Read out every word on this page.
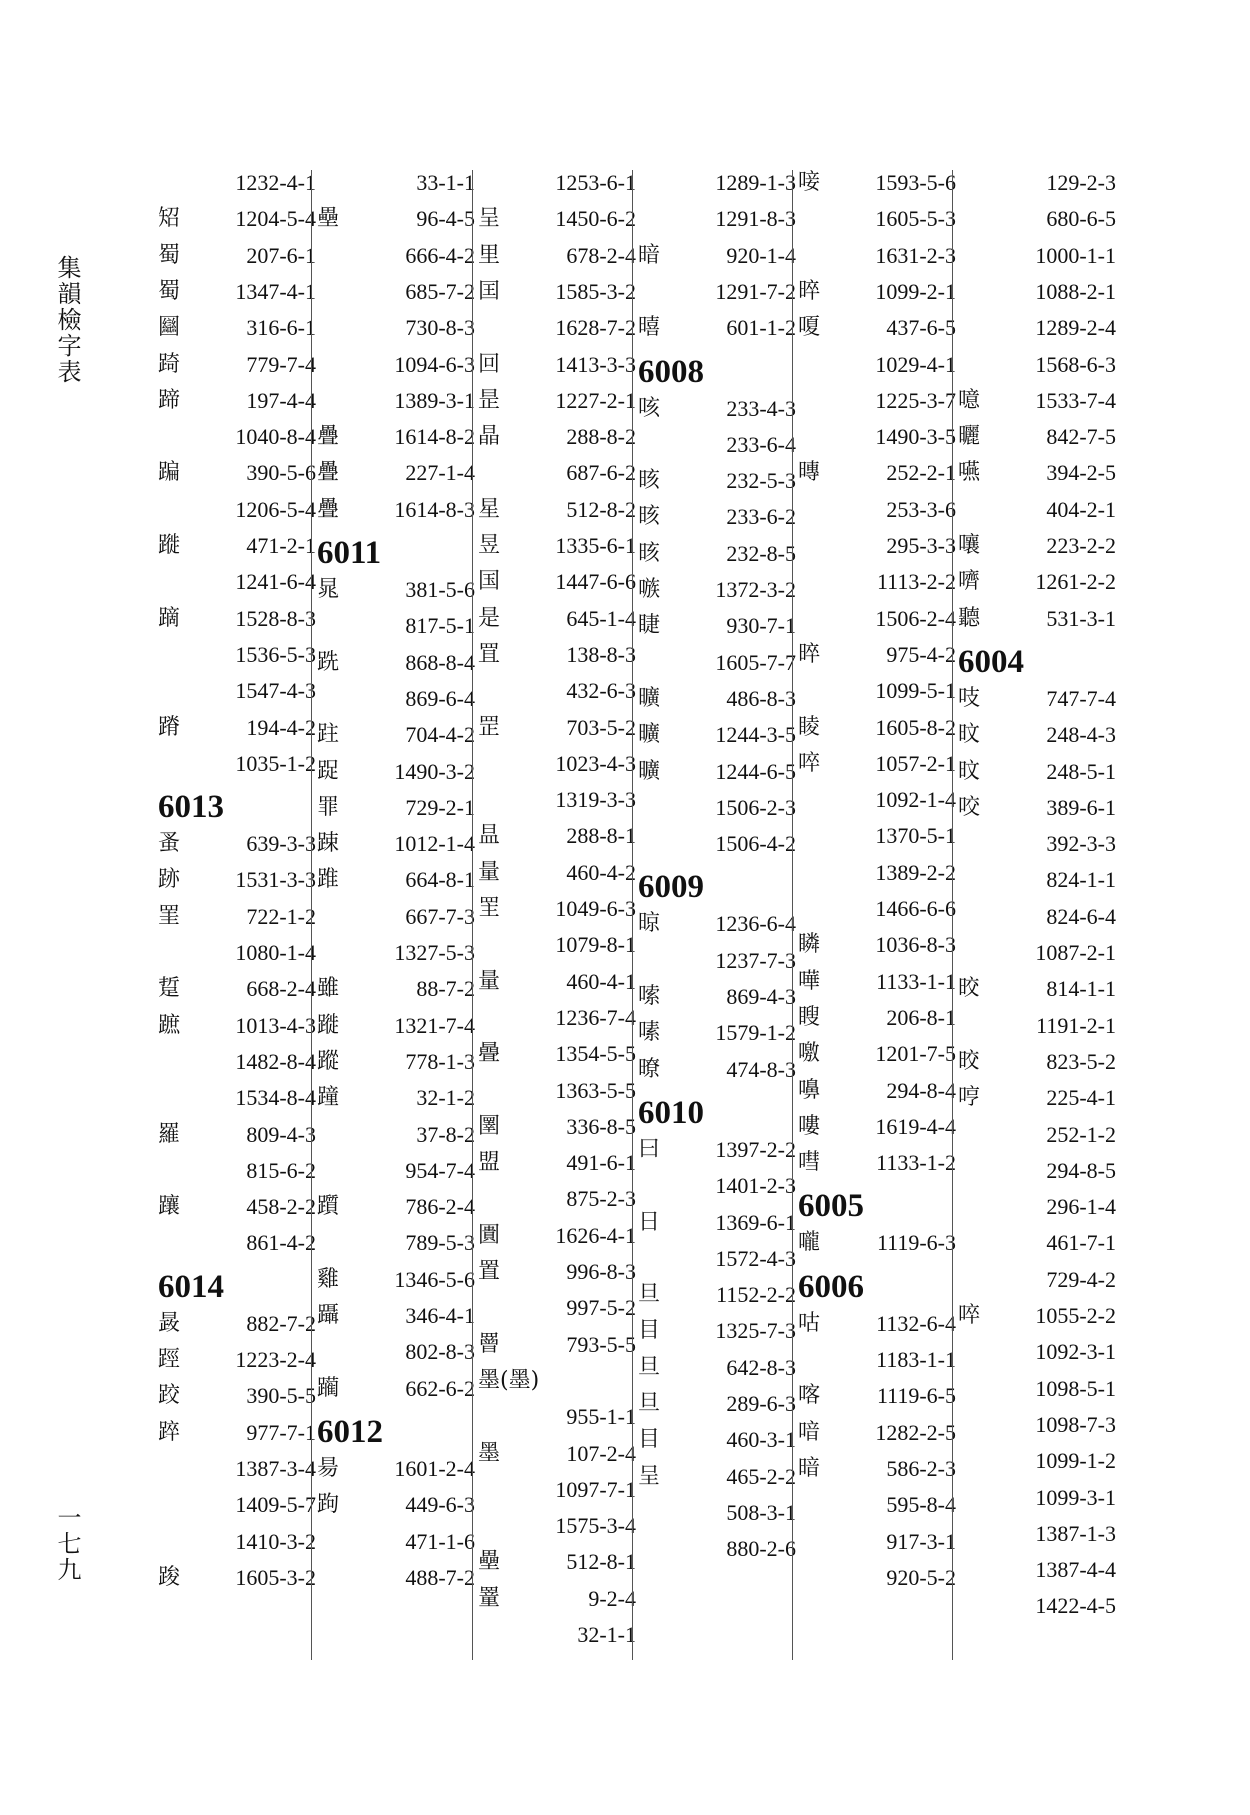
集韻檢字表
一七九
1232-4-1
䂏	1204-5-4
蜀	207-6-1
蜀	1347-4-1
圝	316-6-1
踦	779-7-4
蹄	197-4-4
1040-8-4
蹁	390-5-6
1206-5-4
蹝	471-2-1
1241-6-4
蹢	1528-8-3
1536-5-3
1547-4-3
蹐	194-4-2
1035-1-2
6013
蚤	639-3-3
跡	1531-3-3
罣	722-1-2
1080-1-4
踅	668-2-4
蹠	1013-4-3
1482-8-4
1534-8-4
羅	809-4-3
815-6-2
躟	458-2-2
861-4-2
6014
晸	882-7-2
踁	1223-2-4
跤	390-5-5
踤	977-7-1
1387-3-4
1409-5-7
1410-3-2
踆	1605-3-2
33-1-1
壘	96-4-5
666-4-2
685-7-2
730-8-3
1094-6-3
1389-3-1
疊	1614-8-2
疊	227-1-4
疊	1614-8-3
6011
晁	381-5-6
817-5-1
跣	868-8-4
869-6-4
跓	704-4-2
踀	1490-3-2
罪	729-2-1
踈	1012-1-4
踓	664-8-1
667-7-3
1327-5-3
雖	88-7-2
蹝	1321-7-4
蹤	778-1-3
蹱	32-1-2
37-8-2
954-7-4
躓	786-2-4
789-5-3
雞	1346-5-6
躡	346-4-1
802-8-3
躏	662-6-2
6012
昜	1601-2-4
跔	449-6-3
471-1-6
488-7-2
1253-6-1
呈	1450-6-2
里	678-2-4
囯	1585-3-2
1628-7-2
回	1413-3-3
昰	1227-2-1
晶	288-8-2
687-6-2
星	512-8-2
昱	1335-6-1
国	1447-6-6
是	645-1-4
罝	138-8-3
432-6-3
罡	703-5-2
1023-4-3
1319-3-3
昷	288-8-1
量	460-4-2
罜	1049-6-3
1079-8-1
量	460-4-1
1236-7-4
曡	1354-5-5
1363-5-5
圛	336-8-5
盟	491-6-1
875-2-3
圚	1626-4-1
置	996-8-3
997-5-2
罾	793-5-5
墨(墨)
955-1-1
墨	107-2-4
1097-7-1
1575-3-4
壘	512-8-1
罿	9-2-4
32-1-1
1289-1-3
1291-8-3
暗	920-1-4
1291-7-2
暿	601-1-2
6008
咳	233-4-3
233-6-4
晐	232-5-3
晐	233-6-2
晐	232-8-5
嗾	1372-3-2
睫	930-7-1
1605-7-7
曠	486-8-3
曠	1244-3-5
曠	1244-6-5
1506-2-3
1506-4-2
6009
晾	1236-6-4
1237-7-3
嗦	869-4-3
嗉	1579-1-2
暸	474-8-3
6010
曰	1397-2-2
1401-2-3
日	1369-6-1
1572-4-3
旦	1152-2-2
目	1325-7-3
旦	642-8-3
旦	289-6-3
目	460-3-1
呈	465-2-2
508-3-1
880-2-6
唼	1593-5-6
1605-5-3
1631-2-3
晬	1099-2-1
嗄	437-6-5
1029-4-1
1225-3-7
1490-3-5
暷	252-2-1
253-3-6
295-3-3
1113-2-2
1506-2-4
晬	975-4-2
1099-5-1
睖	1605-8-2
啐	1057-2-1
1092-1-4
1370-5-1
1389-2-2
1466-6-6
瞵	1036-8-3
嘩	1133-1-1
瞍	206-8-1
噭	1201-7-5
嚊	294-8-4
嘍	1619-4-4
嘒	1133-1-2
6005
嚨	1119-6-3
6006
咕	1132-6-4
1183-1-1
喀	1119-6-5
喑	1282-2-5
暗	586-2-3
595-8-4
917-3-1
920-5-2
129-2-3
680-6-5
1000-1-1
1088-2-1
1289-2-4
1568-6-3
噫	1533-7-4
曬	842-7-5
嚥	394-2-5
404-2-1
嚷	223-2-2
嚌	1261-2-2
聽	531-3-1
6004
吱	747-7-4
旼	248-4-3
旼	248-5-1
咬	389-6-1
392-3-3
824-1-1
824-6-4
1087-2-1
晈	814-1-1
1191-2-1
晈	823-5-2
哼	225-4-1
252-1-2
294-8-5
296-1-4
461-7-1
729-4-2
啐	1055-2-2
1092-3-1
1098-5-1
1098-7-3
1099-1-2
1099-3-1
1387-1-3
1387-4-4
1422-4-5
